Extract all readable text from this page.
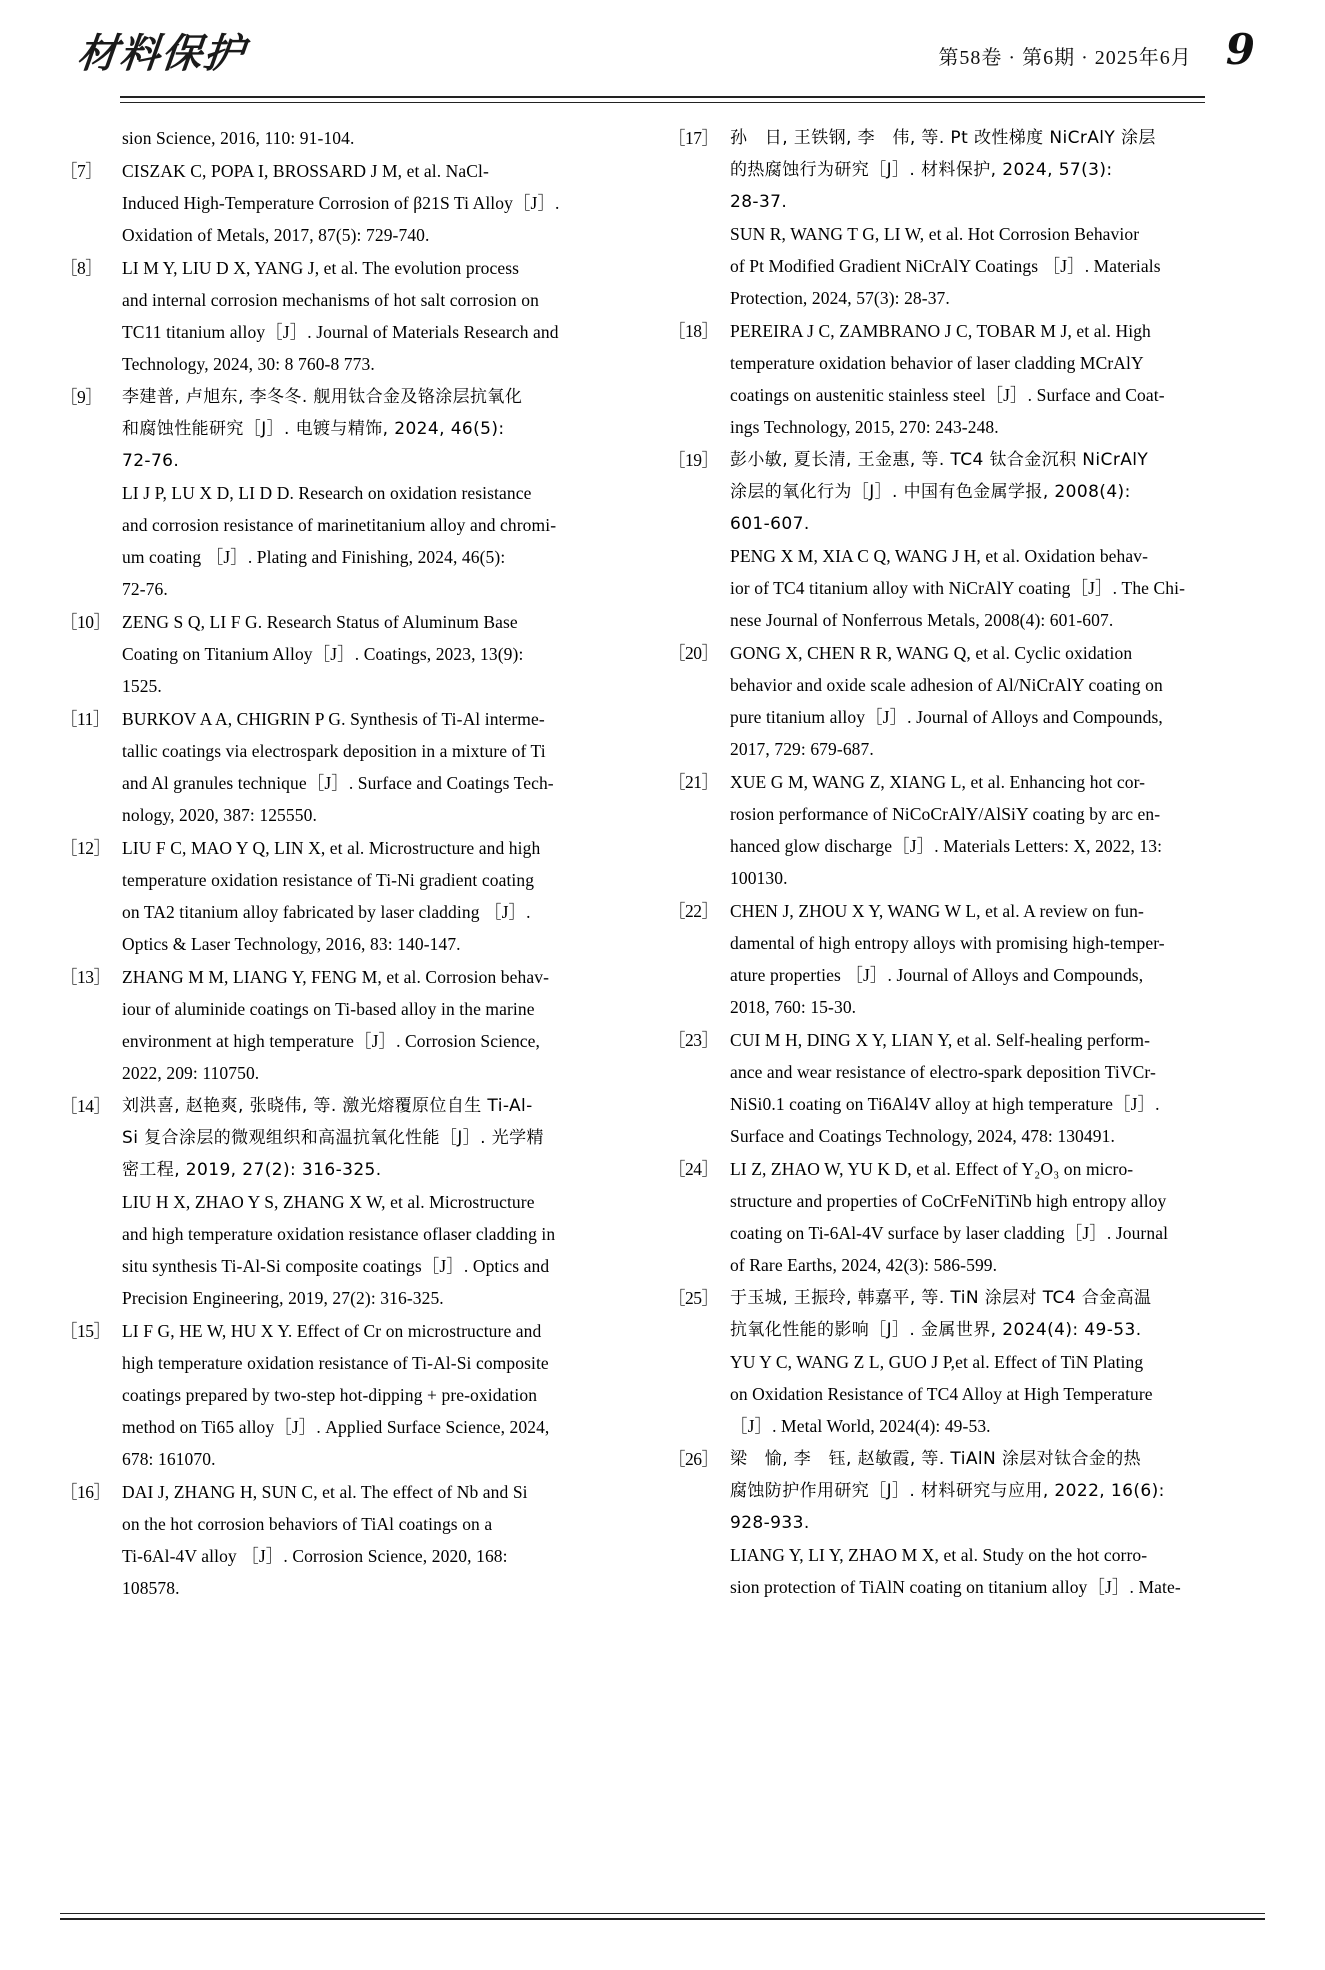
材料保护	第58卷 · 第6期 · 2025年6月 9
sion Science, 2016, 110: 91-104.
［7］	CISZAK C, POPA I, BROSSARD J M, et al. NaCl-
Induced High-Temperature Corrosion of β21S Ti Alloy［J］.
Oxidation of Metals, 2017, 87(5): 729-740.
［8］	LI M Y, LIU D X, YANG J, et al. The evolution process
and internal corrosion mechanisms of hot salt corrosion on
TC11 titanium alloy［J］. Journal of Materials Research and
Technology, 2024, 30: 8 760-8 773.
［9］	李建普, 卢旭东, 李冬冬. 舰用钛合金及铬涂层抗氧化
和腐蚀性能研究［J］. 电镀与精饰, 2024, 46(5):
72-76.
LI J P, LU X D, LI D D. Research on oxidation resistance
and corrosion resistance of marinetitanium alloy and chromi-
um coating ［J］. Plating and Finishing, 2024, 46(5):
72-76.
［10］ ZENG S Q, LI F G. Research Status of Aluminum Base
Coating on Titanium Alloy［J］. Coatings, 2023, 13(9):
1525.
［11］ BURKOV A A, CHIGRIN P G. Synthesis of Ti-Al interme-
tallic coatings via electrospark deposition in a mixture of Ti
and Al granules technique［J］. Surface and Coatings Tech-
nology, 2020, 387: 125550.
［12］ LIU F C, MAO Y Q, LIN X, et al. Microstructure and high
temperature oxidation resistance of Ti-Ni gradient coating
on TA2 titanium alloy fabricated by laser cladding ［J］.
Optics & Laser Technology, 2016, 83: 140-147.
［13］ ZHANG M M, LIANG Y, FENG M, et al. Corrosion behav-
iour of aluminide coatings on Ti-based alloy in the marine
environment at high temperature［J］. Corrosion Science,
2022, 209: 110750.
［14］ 刘洪喜, 赵艳爽, 张晓伟, 等. 激光熔覆原位自生 Ti-Al-
Si 复合涂层的微观组织和高温抗氧化性能［J］. 光学精
密工程, 2019, 27(2): 316-325.
LIU H X, ZHAO Y S, ZHANG X W, et al. Microstructure
and high temperature oxidation resistance oflaser cladding in
situ synthesis Ti-Al-Si composite coatings［J］. Optics and
Precision Engineering, 2019, 27(2): 316-325.
［15］ LI F G, HE W, HU X Y. Effect of Cr on microstructure and
high temperature oxidation resistance of Ti-Al-Si composite
coatings prepared by two-step hot-dipping + pre-oxidation
method on Ti65 alloy［J］. Applied Surface Science, 2024,
678: 161070.
［16］ DAI J, ZHANG H, SUN C, et al. The effect of Nb and Si
on the hot corrosion behaviors of TiAl coatings on a
Ti-6Al-4V alloy ［J］. Corrosion Science, 2020, 168:
108578.
［17］ 孙　日, 王铁钢, 李　伟, 等. Pt 改性梯度 NiCrAlY 涂层
的热腐蚀行为研究［J］. 材料保护, 2024, 57(3):
28-37.
SUN R, WANG T G, LI W, et al. Hot Corrosion Behavior
of Pt Modified Gradient NiCrAlY Coatings ［J］. Materials
Protection, 2024, 57(3): 28-37.
［18］ PEREIRA J C, ZAMBRANO J C, TOBAR M J, et al. High
temperature oxidation behavior of laser cladding MCrAlY
coatings on austenitic stainless steel［J］. Surface and Coat-
ings Technology, 2015, 270: 243-248.
［19］ 彭小敏, 夏长清, 王金惠, 等. TC4 钛合金沉积 NiCrAlY
涂层的氧化行为［J］. 中国有色金属学报, 2008(4):
601-607.
PENG X M, XIA C Q, WANG J H, et al. Oxidation behav-
ior of TC4 titanium alloy with NiCrAlY coating［J］. The Chi-
nese Journal of Nonferrous Metals, 2008(4): 601-607.
［20］ GONG X, CHEN R R, WANG Q, et al. Cyclic oxidation
behavior and oxide scale adhesion of Al/NiCrAlY coating on
pure titanium alloy［J］. Journal of Alloys and Compounds,
2017, 729: 679-687.
［21］ XUE G M, WANG Z, XIANG L, et al. Enhancing hot cor-
rosion performance of NiCoCrAlY/AlSiY coating by arc en-
hanced glow discharge［J］. Materials Letters: X, 2022, 13:
100130.
［22］ CHEN J, ZHOU X Y, WANG W L, et al. A review on fun-
damental of high entropy alloys with promising high-temper-
ature properties ［J］. Journal of Alloys and Compounds,
2018, 760: 15-30.
［23］ CUI M H, DING X Y, LIAN Y, et al. Self-healing perform-
ance and wear resistance of electro-spark deposition TiVCr-
NiSi0.1 coating on Ti6Al4V alloy at high temperature［J］.
Surface and Coatings Technology, 2024, 478: 130491.
［24］ LI Z, ZHAO W, YU K D, et al. Effect of Y₂O₃ on micro-
structure and properties of CoCrFeNiTiNb high entropy alloy
coating on Ti-6Al-4V surface by laser cladding［J］. Journal
of Rare Earths, 2024, 42(3): 586-599.
［25］ 于玉城, 王振玲, 韩嘉平, 等. TiN 涂层对 TC4 合金高温
抗氧化性能的影响［J］. 金属世界, 2024(4): 49-53.
YU Y C, WANG Z L, GUO J P,et al. Effect of TiN Plating
on Oxidation Resistance of TC4 Alloy at High Temperature
［J］. Metal World, 2024(4): 49-53.
［26］ 梁　愉, 李　钰, 赵敏霞, 等. TiAlN 涂层对钛合金的热
腐蚀防护作用研究［J］. 材料研究与应用, 2022, 16(6):
928-933.
LIANG Y, LI Y, ZHAO M X, et al. Study on the hot corro-
sion protection of TiAlN coating on titanium alloy［J］. Mate-
